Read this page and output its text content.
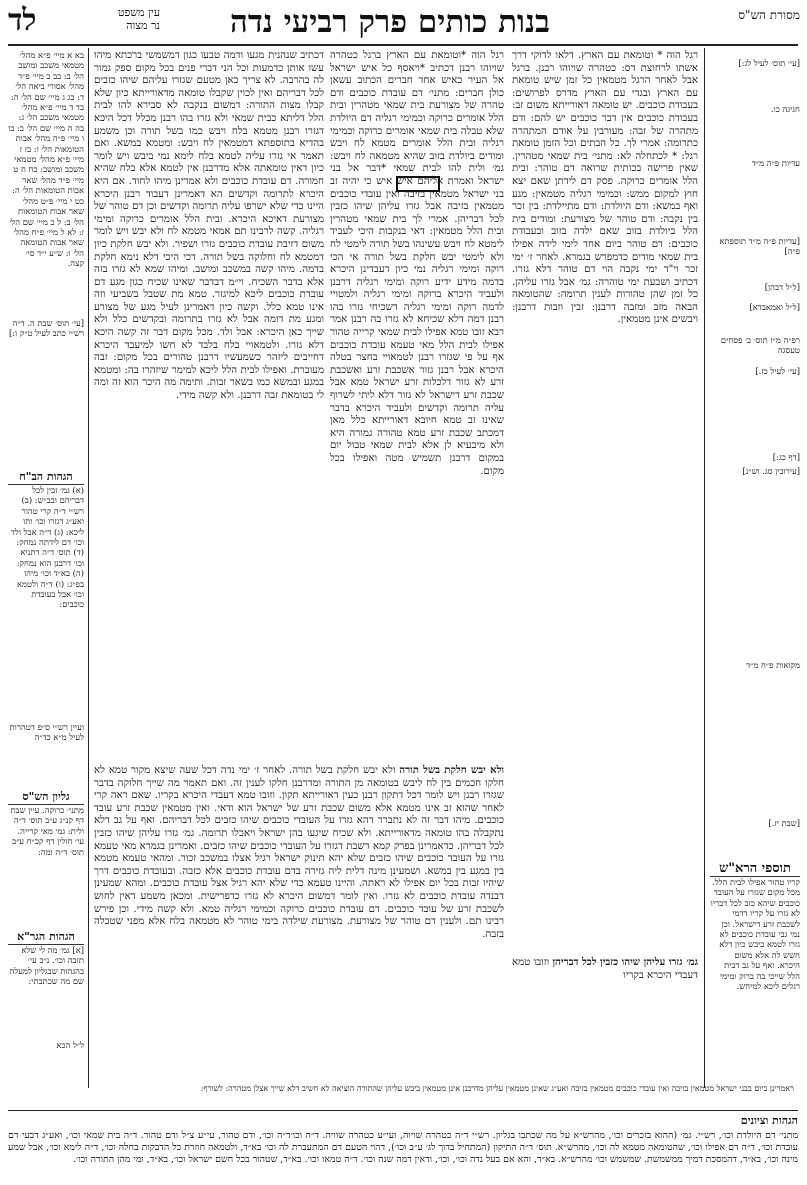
לד	עין משפט
נר מצוה	בנות כותים פרק רביעי נדה	מסורת הש"ס
בא א מיי׳ פ״א מהל׳ מטמאי משכב ומושב הל׳ ב: בב ב מיי׳ פ״ד מהל׳ אסורי ביאה הל׳ ד: בג ג מיי׳ שם הל׳ ה: בד ד מיי׳ פ״א מהל׳ מטמאי משכב הל׳ ג: בה ה מיי׳ שם הל׳ ב: בו ו מיי׳ פ״ה מהל׳ אבות הטומאות הל׳ ו: בז ז מיי׳ פ״א מהל׳ מטמאי משכב ומושב: כח ח ט מיי׳ פ״ד מהל׳ שאר אבות הטומאות הל׳ ה: כט י מיי׳ פ״ט מהל׳ שאר אבות הטומאות הל׳ ב: ל כ מיי׳ שם הל׳ ז: לא ל מיי׳ פ״ח מהל׳ שאר אבות הטומאה הל׳ ו: ש״ע י״ד סי׳ קצה.
[עי׳ תוס׳ שבת ה. ד״ה רש״י כתב לעיל ט״ק ו:]
הגהות הב"ח
(א) גמ׳ זבין לכל דבריהם ובב״ש: (ב) רש״י ד״ה קרי טהור ואע״ג דגזרו וכו׳ ותו ליכא: (ג) ד״ה אבל ולד וכו׳ דם לידתה נמחק: (ד) תוס׳ ד״ה דתניא וכו׳ דרבנן הוא נמחק: (ה) בא״ד וכו׳ מיהו בפ״ג: (ו) ד״ה ולטמא וכו׳ אבל בעובדת כוכבים:
ועיין רש״י ס״פ דטהרות לעיל מ״א כד״ה
גליון הש"ס
מתני׳ כרוקה. עיין שבת דף קנ״ג ע״ב תוס׳ ד״ה ולית: גמ׳ מאי קרייה. עי׳ חולין דף קכ״ח ע״ב תוס׳ ד״ה ומה:
הגהות הגר"א
[א] גמ׳ מה לי שלא תזבה וכו׳. נ״ב עי׳ בהגהות שבגליון למעלה שם מה שכתבתי:
ל״ל הכא
דכתיב שנהנית מגעו ודמה טבעו כגון דמשמשי ברכתא מיהו עשו אותן כדמעות וכל הני דברי פנים בכל מקום ספק גמור לה בהרבה. לא צריך כאן מטעם שגזרו עליהם שיהו כזבים לכל דבריהם ואין לכוין שקבלו טומאה מדאורייתא כיון שלא קבלו מצות התורה: דמשום בנקבה לא סבירא להו לבית הלל דליתא כבית שמאי ולא גזרו בהו רבנן מכלל דכל היכא דגזרו רבנן מטמא בלח ויבש כמו בשל תורה וכן משמע בהדיא בתוספתא דמטמאין לח ויבש: ומטמא במשא. ואם תאמר אי גזרו עליה לטמא בלח לימא נמי ביבש ויש לומר כיון דאין טומאתה אלא מדרבנן אין לטמא אלא בלח שהיא חמורה. דם עובדת כוכבים ולא אמרינן מיהו לחוד. אם היא היכרא לתרומה וקדשים הא דאמרינן דעבוד רבנן היכרא היינו כדי שלא ישרפו עליה תרומה וקדשים וכן דם טוהר של מצורעת דאיכא היכרא. ובית הלל אומרים כרוקה ומימי רגליה. קשה לרבינו תם אמאי מטמא לח ולא יבש ויש לומר משום דזיבת עובדת כוכבים גזרו ושפיר. ולא יבש חלקת כיון דמטמא לח וחלוקה בשל תורה. דכי היכי דלא נימא חלקת בדמה. מיהו קשה במשכב ומושב. ומיהו שמא לא גזרו בזה אלא בדבר השכיח. וי״מ דבדבר שאינו שכיח כגון מגע דם עובדת כוכבים ליכא למיגזר. טמא מת שטבל בשביעי וזה אינו טמא כלל. וקשה כיון דאמרינן לעיל מגע של מצורע ומגע מת דומה אבל לא גזרו בתרומה ובקדשים כלל ולא שייך כאן היכרא: אבל ולד. מכל מקום דבר זה קשה היכא דלא גזרו. ולטמאויי בלח בלבד לא חשו למיעבד היכרא דחייבים ליזהר כשמעשיו דרבנן טהורים בכל מקום: זבה מעוברת. ואפילו לבית הלל ליכא למימר שיזהרו בה: ומטמא במגע ובמשא כמו בשאר זבות. ותימה מה היכר הוא זה ומה לי בטומאת זבה דרבנן. ולא קשה מידי.
רגל הוה *וטומאת עם הארץ ברגל כטהרה שויוהו רבנן דכתיב *ויאסף כל איש ישראל אל העיר כאיש אחד חברים הכתוב עשאן כולן חברים: מתני׳ דם עובדת כוכבים ודם טהרה של מצורעת בית שמאי מטהרין ובית הלל אומרים כרוקה וכמימי רגליה דם היולדת שלא טבלה בית שמאי אומרים כרוקה וכמימי רגליה ובית הלל אומרים מטמא לח ויבש ומודים ביולדת בזוב שהיא מטמאה לח ויבש: גמ׳ ולית להו לבית שמאי *דבר אל בני ישראל ואמרת אליהם איש איש כי יהיה זב בני ישראל מטמאין בזיבה ואין עובדי כוכבים מטמאין בזיבה אבל גזרו עליהן שיהו כזבין לכל דבריהן. אמרי לך בית שמאי מטהרין ובית הלל מטמאין: דאי בנקבות היכי לעביד לימטא לח ויבש עשינהו בשל תורה לימטי לח ולא לימטי יבש חלקת בשל תורה אי הכי רוקה ומימי רגליה נמי כיון דעבדינן היכרא בדמה מידע ידיע רוקה ומימי רגליה דרבנן ולעביד היכרא ברוקה ומימי רגליה ולמטויי לדמה רוקה ומימי רגליה דשכיחי גזרו בהו רבנן דמה דלא שכיחא לא גזרו בה רבנן אמר רבא זובו טמא אפילו לבית שמאי קרייה טהור אפילו לבית הלל מאי טעמא עובדת כוכבים אף על פי שגזרו רבנן לטמאויי בחצר בטלה היכרא אבל רבנן גזור אשכבת זרע ואשכבת זרע לא גזור דלכלות זרע ישראל טמא אבל שכבת זרע דישראל לא גזור דלא ליתי לשרוף עליה תרומה וקדשים ולעביד היכרא בדבר שאינו זב טמא חיובא דאורייתא כלל מאן דמכתב שכבת זרע טמא טהורה גמורה היא ולא מיבעיא לן אלא לבית שמאי טבול יום במקום דרבנן תשמיש מטה ואפילו בכל מקום.
רגל הוה * וטומאת עם הארץ. דלאו לדוקי דרך אשתו לרחוצת דס: כטהרה שויוהו רבנן. ברגל אבל לאחר הרגל מטמאין כל זמן שיש טומאת עם הארץ ובגדי עם הארץ מדרס לפרושים: בעבודת כוכבים. יש טומאה דאורייתא משום זב: בעבודת כוכבים אין דבר כוכבים יש להם: ודם מתהרה של זבה: מעורבין על אודם המתהרה כתרומה: אמרי לך. כל הבתים וכל הזמן טומאת רגל: * לכתחלה לא: מתני׳ בית שמאי מטהרין. שאין פרישה בכותית שרואה דם טוהר: ובית הלל אומרים כרוקה. פסק דם לידתן שאם יצא חוץ למקום ממש: וכמימי רגליה מטמאין: מגע ואף במשא: ודם היולדת: ודם מתיילדת: בין זכר בין נקבה: ודם טוהר של מצורעת: ומודים בית הלל ביולדת בזוב שאם ילדה בזוב ובעבודת כוכבים: דם טוהר ביום אחד לימי לידה אפילו בית שמאי מודים כדמפרש בגמרא. לאחר ז׳ ימי זכר וי"ד ימי נקבה הוי דם טוהר דלא גזרו. דכתיב ושבעת ימי טוהרה: גמ׳ אבל גזרו עליהן. כל זמן שהן טהורות לענין תרומה: שהטומאה הבאה מזב ומזבה דרבנן: זבין וזבות דרבנן: ויבשים אינן מטמאין.
ולא יבש חלקת בשל תורה ולא יבש חלקת בשל תורה. לאחר ז׳ ימי נדה דכל שעה שיצא מקור טמא לא חלקו חכמים בין לח ליבש בטומאה מן התורה ומדרבנן חלקו לענין זה. ואם תאמר מה שייך חלוקה בדבר שגזרו רבנן ויש לומר דכל דתקון רבנן כעין דאורייתא תקון. וזובו טמא דעבדי היכרא בקריו. שאם ראה קרי לאחר שהוא זב אינו מטמא אלא משום שכבת זרע של ישראל הוא ודאי. ואין מטמאין שכבת זרע עובד כוכבים. מיהו דבר זה לא נתברר דהא גזרו על העובדי כוכבים שיהו כזבים לכל דבריהם. ואף על גב דלא נתקבלה בהו טומאה מדאורייתא. ולא שכיח שיגעו בהן ישראל ויאכלו תרומה. גמ׳ גזרו עליהן שיהו כזבין לכל דבריהן. כדאמרינן בפרק קמא דשבת דגזרו על העובדי כוכבים שיהו כזבים. ואמרינן בגמרא מאי טעמא גזרו על העובד כוכבים שיהו כזבים שלא יהא תינוק ישראל רגיל אצלו במשכב זכור. ומהאי טעמא מטמא בין במגע בין במשא. ושמעינן מינה דלית ליה גזירה בדם עובדת כוכבים אלא כזבה. ובעובדת כוכבים דרך שיהיו זבות בכל יום אפילו לא ראתה. והיינו טעמא כדי שלא יהא רגיל אצל עובדת כוכבים. ומהא שמעינן דבנדה עובדת כוכבים לא גזרו. ואין לומר דמשום היכרא לא גזרו כדפרישית. ומכאן משמע דאין לחוש לשכבת זרע של עובד כוכבים. דם עובדת כוכבים כרוקה וכמימי רגליה טמא. ולא קשה מידי. וכן פירש רבינו תם. ולענין דם טוהר של מצורעת. מצורעת שילדה בימי טוהר לא מטמאה בלח אלא מפני שטבלה בזבה.
גמ׳ גזרו עליהן שיהו כזבין לכל דבריהן וזובו טמא דעבדי היכרא בקריו
[עי׳ תוס׳ לעיל לג:]
חגיגה כו.
עדיות פ״ה מ״ד
[עדיות פ״ה מ״ד תוספתא פ״ה]
[ל״ל דבהן]
[ל״ל ואמאבדא]
רפ״ה מ״ז תוס׳ ב׳ פסחים טעסגה
[עי׳ לעיל כז.]
[דף כג:]
[עירובין סג. וש״נ]
מקואות פ״ח מ״ד
[שבת יז.]
תוספי הרא"ש
קריו טהור אפילו לבית הלל. מכל מקום שגזרו על העובד כוכבים שיהא כזב לכל דבריו לא גזרו על קריו דדמי לשכבת זרע דישראל. וכן נמי גבי עובדת כוכבים לא גזרו לטמא ביבש כיון דלא חשש לה אלא משום היכרא. ואף על גב דבית הלל שייכי בה ברוק ומימי רגלים ליכא למיחש.
ראמרינן ביום בבני ישראל מטמאין בזיבה ואין עובדי כוכבים מטמאין בזיבה ואע״ג שאינן מטמאין עליהן מדרבנן אינן מטמאין ביבש עליהן שהתורה הוציאה לא חשיב דלא שייך אצלן מטהרה: לשורף:
הגהות וציונים
מתני׳ דם היולדת וכו׳, רש״י. גמ׳ (ההוא בזכרים וכו׳, מהרש״א על מה שכתבו בגליון. רש״י ד״ה כטהרה שויוה, ועי״ע כטהרה שוויה. ד״ה וכו׳ד״ה וכו׳, ודם טהור, עי״ע צ״ל ודם טהור. ד״ה בית שמאי וכו׳, ואע״ג דבעי דם עובדת וכו׳, ד״ה דם אפילו וכו׳, שהטומאה מטמא לה וכו׳, מהרש״א. תוס׳ ד״ה התיקון (המתחיל בדוך לג׳ ע״ב וכו׳), דהוי הטעם דם המתעברת לה וכו׳ בא״ד, ולטמאה חוזרת כל הדבקות בחלה וכו׳, ד״ה לימא וכו׳, אבל שמע מינה וכו׳, בא״ד, דהמסכת דמיך ממשמשת. שמשמש וכו׳ מהרש״א. בא״ד, והא אם בעל נדה וכו׳, וכו׳, ודאין דמה שנה וכו׳. ד״ה טמאו וכו׳. בא״ד, שטהור בכל חשם ישראל וכו׳, בא״ד, ומי מהן התורה וכו׳.
